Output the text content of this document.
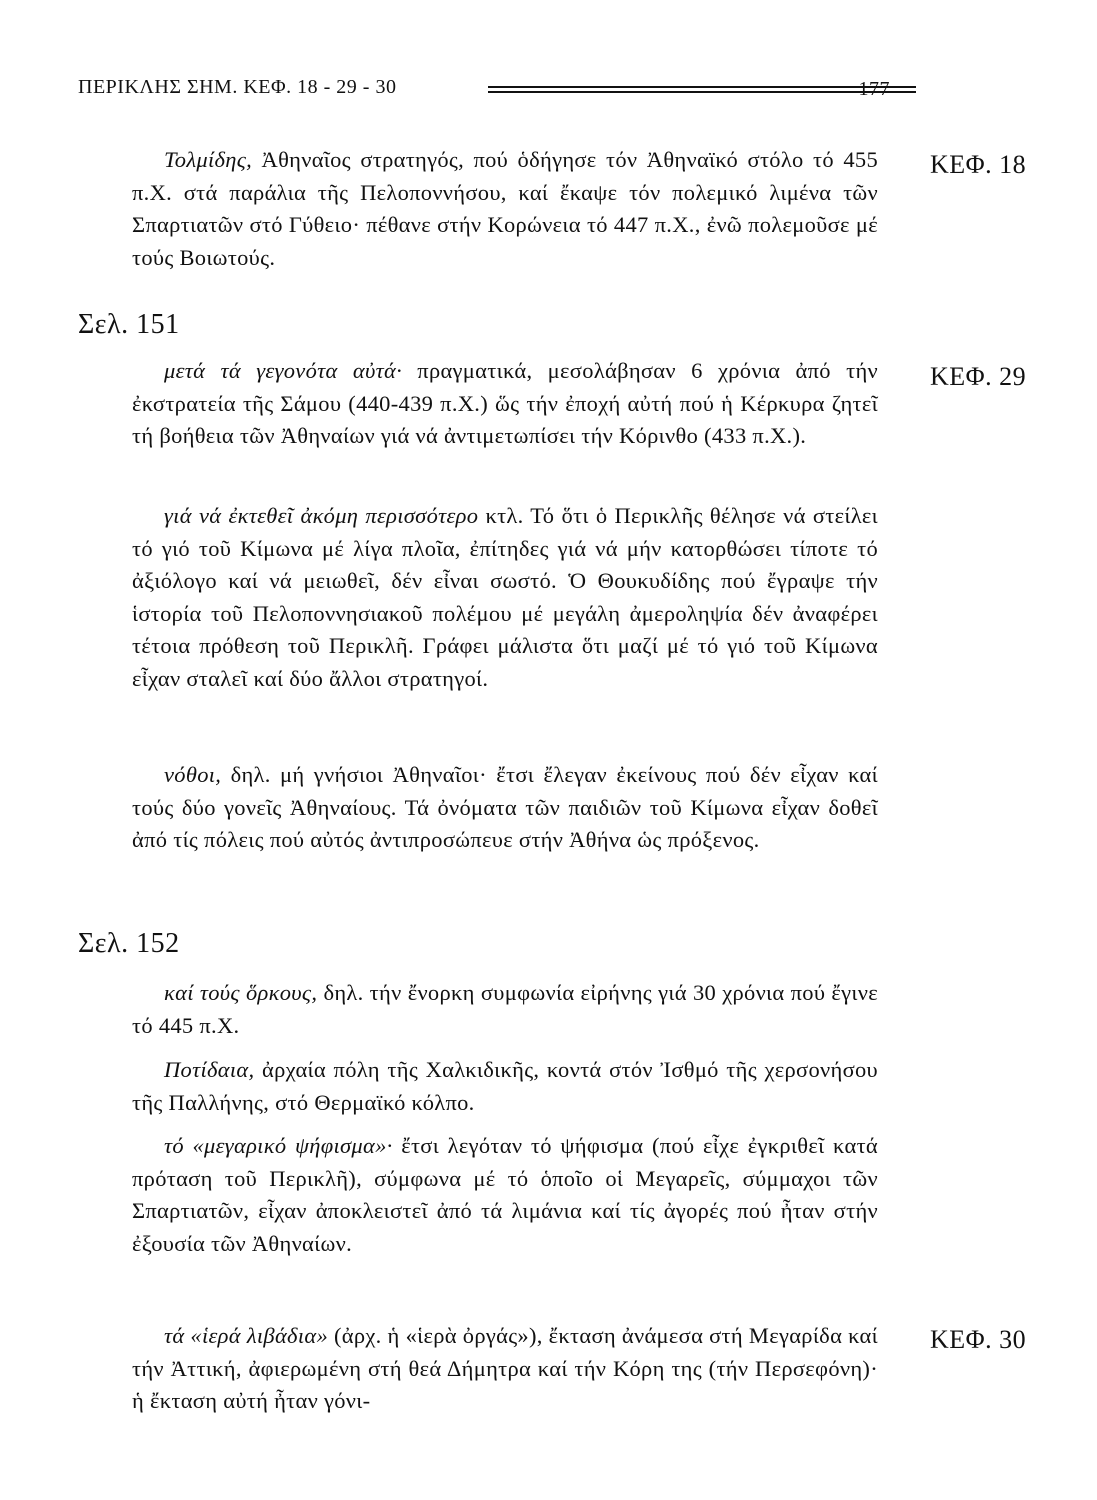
ΠΕΡΙΚΛΗΣ ΣΗΜ. ΚΕΦ. 18 - 29 - 30	177
ΚΕΦ. 18
ΚΕΦ. 29
ΚΕΦ. 30
Τολμίδης, Ἀθηναῖος στρατηγός, πού ὁδήγησε τόν Ἀθηναϊκό στόλο τό 455 π.Χ. στά παράλια τῆς Πελοποννήσου, καί ἔκαψε τόν πολεμικό λιμένα τῶν Σπαρτιατῶν στό Γύθειο· πέθανε στήν Κορώνεια τό 447 π.Χ., ἐνῶ πολεμοῦσε μέ τούς Βοιωτούς.
Σελ. 151
μετά τά γεγονότα αὐτά· πραγματικά, μεσολάβησαν 6 χρόνια ἀπό τήν ἐκστρατεία τῆς Σάμου (440-439 π.Χ.) ὥς τήν ἐποχή αὐτή πού ἡ Κέρκυρα ζητεῖ τή βοήθεια τῶν Ἀθηναίων γιά νά ἀντιμετωπίσει τήν Κόρινθο (433 π.Χ.).
γιά νά ἐκτεθεῖ ἀκόμη περισσότερο κτλ. Τό ὅτι ὁ Περικλῆς θέλησε νά στείλει τό γιό τοῦ Κίμωνα μέ λίγα πλοῖα, ἐπίτηδες γιά νά μήν κατορθώσει τίποτε τό ἀξιόλογο καί νά μειωθεῖ, δέν εἶναι σωστό. Ὁ Θουκυδίδης πού ἔγραψε τήν ἱστορία τοῦ Πελοποννησιακοῦ πολέμου μέ μεγάλη ἀμεροληψία δέν ἀναφέρει τέτοια πρόθεση τοῦ Περικλῆ. Γράφει μάλιστα ὅτι μαζί μέ τό γιό τοῦ Κίμωνα εἶχαν σταλεῖ καί δύο ἄλλοι στρατηγοί.
νόθοι, δηλ. μή γνήσιοι Ἀθηναῖοι· ἔτσι ἔλεγαν ἐκείνους πού δέν εἶχαν καί τούς δύο γονεῖς Ἀθηναίους. Τά ὀνόματα τῶν παιδιῶν τοῦ Κίμωνα εἶχαν δοθεῖ ἀπό τίς πόλεις πού αὐτός ἀντιπροσώπευε στήν Ἀθήνα ὡς πρόξενος.
Σελ. 152
καί τούς ὅρκους, δηλ. τήν ἔνορκη συμφωνία εἰρήνης γιά 30 χρόνια πού ἔγινε τό 445 π.Χ.
Ποτίδαια, ἀρχαία πόλη τῆς Χαλκιδικῆς, κοντά στόν Ἰσθμό τῆς χερσονήσου τῆς Παλλήνης, στό Θερμαϊκό κόλπο.
τό «μεγαρικό ψήφισμα»· ἔτσι λεγόταν τό ψήφισμα (πού εἶχε ἐγκριθεῖ κατά πρόταση τοῦ Περικλῆ), σύμφωνα μέ τό ὁποῖο οἱ Μεγαρεῖς, σύμμαχοι τῶν Σπαρτιατῶν, εἶχαν ἀποκλειστεῖ ἀπό τά λιμάνια καί τίς ἀγορές πού ἦταν στήν ἐξουσία τῶν Ἀθηναίων.
τά «ἱερά λιβάδια» (ἀρχ. ἡ «ἱερὰ ὀργάς»), ἔκταση ἀνάμεσα στή Μεγαρίδα καί τήν Ἀττική, ἀφιερωμένη στή θεά Δήμητρα καί τήν Κόρη της (τήν Περσεφόνη)· ἡ ἔκταση αὐτή ἦταν γόνι-
